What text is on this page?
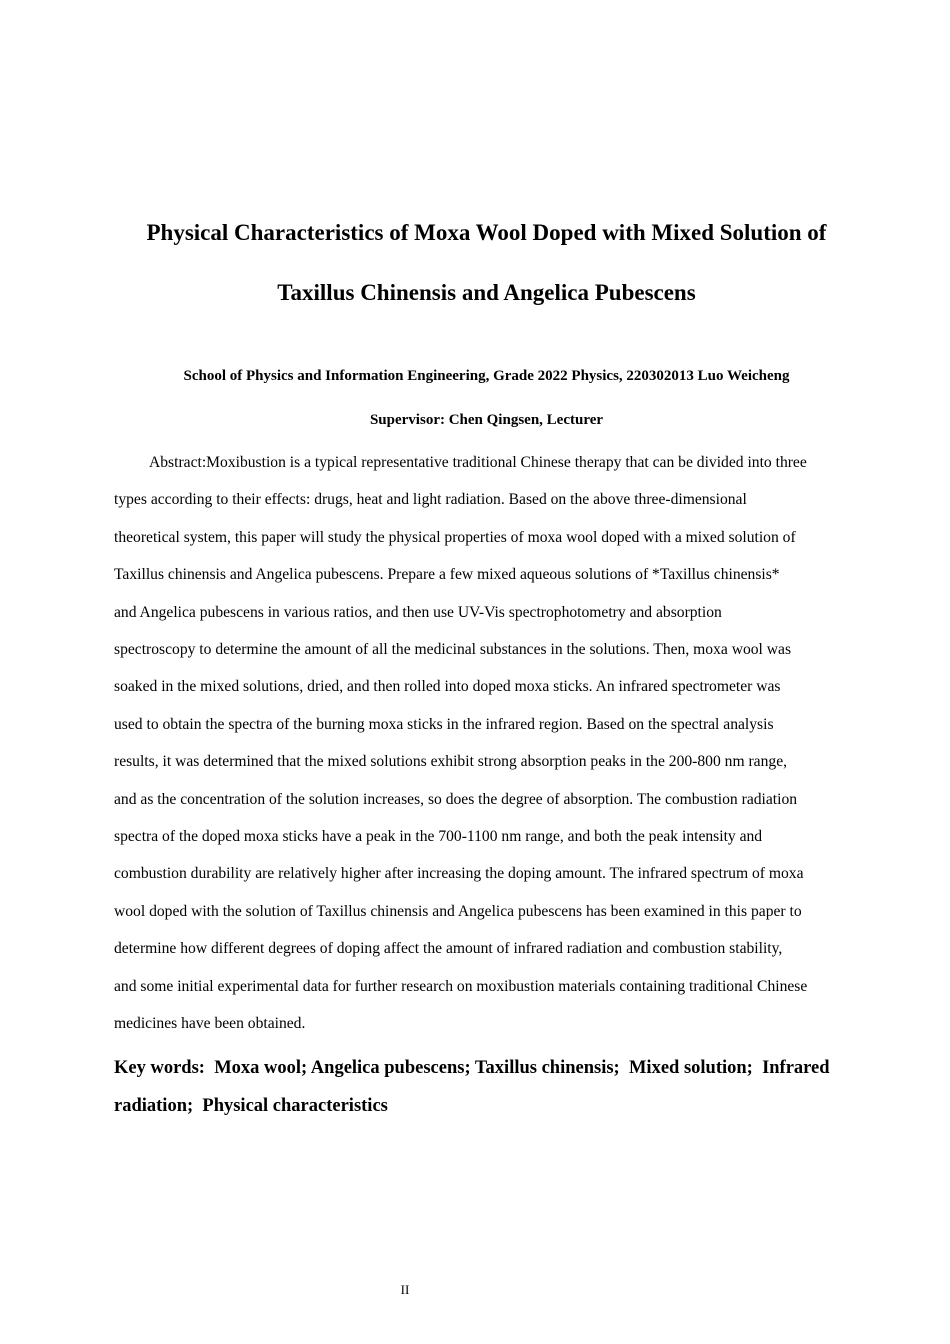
Physical Characteristics of Moxa Wool Doped with Mixed Solution of

Taxillus Chinensis and Angelica Pubescens

School of Physics and Information Engineering, Grade 2022 Physics, 220302013 Luo Weicheng
Supervisor: Chen Qingsen, Lecturer

Abstract:Moxibustion is a typical representative traditional Chinese therapy that can be divided into three
types according to their effects: drugs, heat and light radiation. Based on the above three-dimensional
theoretical system, this paper will study the physical properties of moxa wool doped with a mixed solution of
Taxillus chinensis and Angelica pubescens. Prepare a few mixed aqueous solutions of *Taxillus chinensis*
and Angelica pubescens in various ratios, and then use UV-Vis spectrophotometry and absorption
spectroscopy to determine the amount of all the medicinal substances in the solutions. Then, moxa wool was
soaked in the mixed solutions, dried, and then rolled into doped moxa sticks. An infrared spectrometer was
used to obtain the spectra of the burning moxa sticks in the infrared region. Based on the spectral analysis
results, it was determined that the mixed solutions exhibit strong absorption peaks in the 200-800 nm range,
and as the concentration of the solution increases, so does the degree of absorption. The combustion radiation
spectra of the doped moxa sticks have a peak in the 700-1100 nm range, and both the peak intensity and
combustion durability are relatively higher after increasing the doping amount. The infrared spectrum of moxa
wool doped with the solution of Taxillus chinensis and Angelica pubescens has been examined in this paper to
determine how different degrees of doping affect the amount of infrared radiation and combustion stability,
and some initial experimental data for further research on moxibustion materials containing traditional Chinese
medicines have been obtained.

Key words:  Moxa wool; Angelica pubescens; Taxillus chinensis;  Mixed solution;  Infrared
radiation;  Physical characteristics

II
